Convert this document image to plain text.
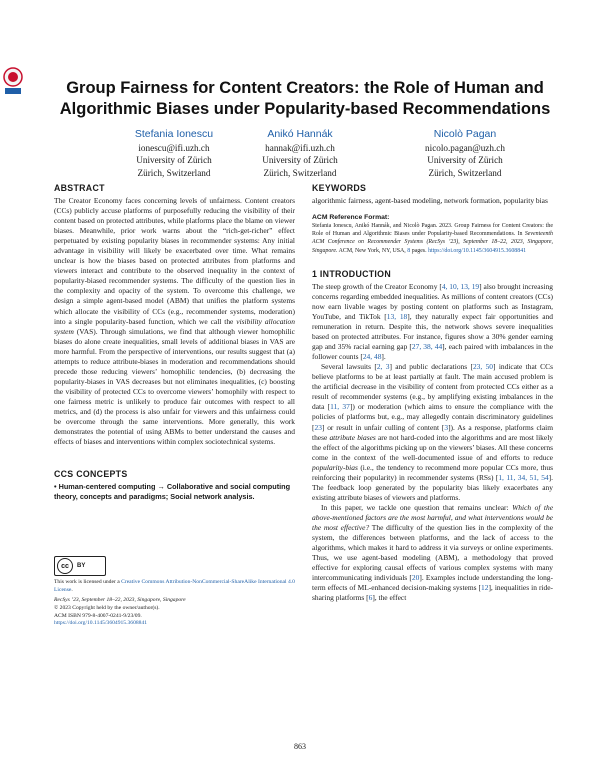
Group Fairness for Content Creators: the Role of Human and
Algorithmic Biases under Popularity-based Recommendations
Stefania Ionescu
ionescu@ifi.uzh.ch
University of Zürich
Zürich, Switzerland
Anikó Hannák
hannak@ifi.uzh.ch
University of Zürich
Zürich, Switzerland
Nicolò Pagan
nicolo.pagan@uzh.ch
University of Zürich
Zürich, Switzerland
ABSTRACT

The Creator Economy faces concerning levels of unfairness. Content creators (CCs) publicly accuse platforms of purposefully reducing the visibility of their content based on protected attributes, while platforms place the blame on viewer biases. Meanwhile, prior work warns about the “rich-get-richer” effect perpetuated by existing popularity biases in recommender systems: Any initial advantage in visibility will likely be exacerbated over time. What remains unclear is how the biases based on protected attributes from platforms and viewers interact and contribute to the observed inequality in the context of popularity-biased recommender systems. The difficulty of the question lies in the complexity and opacity of the system. To overcome this challenge, we design a simple agent-based model (ABM) that unifies the platform systems which allocate the visibility of CCs (e.g., recommender systems, moderation) into a single popularity-based function, which we call the visibility allocation system (VAS). Through simulations, we find that although viewer homophilic biases do alone create inequalities, small levels of additional biases in VAS are more harmful. From the perspective of interventions, our results suggest that (a) attempts to reduce attribute-biases in moderation and recommendations should precede those reducing viewers’ homophilic tendencies, (b) decreasing the popularity-biases in VAS decreases but not eliminates inequalities, (c) boosting the visibility of protected CCs to overcome viewers’ homophily with respect to one fairness metric is unlikely to produce fair outcomes with respect to all metrics, and (d) the process is also unfair for viewers and this unfairness could be overcome through the same interventions. More generally, this work demonstrates the potential of using ABMs to better understand the causes and effects of biases and interventions within complex sociotechnical systems.

CCS CONCEPTS
• Human-centered computing → Collaborative and social computing theory, concepts and paradigms; Social network analysis.
cc	BY
This work is licensed under a Creative Commons Attribution-NonCommercial-ShareAlike International 4.0 License.
RecSys ’23, September 18–22, 2023, Singapore, Singapore
© 2023 Copyright held by the owner/author(s).
ACM ISBN 979-8-4007-0241-9/23/09.
https://doi.org/10.1145/3604915.3608841
KEYWORDS

algorithmic fairness, agent-based modeling, network formation, popularity bias

ACM Reference Format:
Stefania Ionescu, Anikó Hannák, and Nicolò Pagan. 2023. Group Fairness for Content Creators: the Role of Human and Algorithmic Biases under Popularity-based Recommendations. In Seventeenth ACM Conference on Recommender Systems (RecSys ’23), September 18–22, 2023, Singapore, Singapore. ACM, New York, NY, USA, 8 pages. https://doi.org/10.1145/3604915.3608841
1 INTRODUCTION

The steep growth of the Creator Economy [4, 10, 13, 19] also brought increasing concerns regarding embedded inequalities. As millions of content creators (CCs) now earn livable wages by posting content on platforms such as Instagram, YouTube, and TikTok [13, 18], they naturally expect fair opportunities and remuneration in return. Despite this, the network shows severe inequalities based on protected attributes. For instance, figures show a 30% gender earning gap and 35% racial earning gap [27, 38, 44], each paired with imbalances in the follower counts [24, 48].

Several lawsuits [2, 3] and public declarations [23, 50] indicate that CCs believe platforms to be at least partially at fault. The main accused problem is the artificial decrease in the visibility of content from protected CCs either as a result of recommender systems (e.g., by amplifying existing imbalances in the data [11, 37]) or moderation (which aims to ensure the compliance with the policies of platforms but, e.g., may allegedly contain discriminatory guidelines [23] or result in unfair culling of content [3]). As a response, platforms claim these attribute biases are not hard-coded into the algorithms and are most likely the effect of the algorithms picking up on the viewers’ biases. All these concerns come in the context of the well-documented issue of and efforts to reduce popularity-bias (i.e., the tendency to recommend more popular CCs more, thus reinforcing their popularity) in recommender systems (RSs) [1, 11, 34, 51, 54]. The feedback loop generated by the popularity bias likely exacerbates any existing attribute biases of viewers and platforms.

In this paper, we tackle one question that remains unclear: Which of the above-mentioned factors are the most harmful, and what interventions would be the most effective? The difficulty of the question lies in the complexity of the system, the differences between platforms, and the lack of access to the algorithms, which makes it hard to address it via surveys or online experiments. Thus, we use agent-based modeling (ABM), a methodology that proved effective for exploring causal effects of various complex systems with many intercommunicating individuals [20]. Examples include understanding the long-term effects of ML-enhanced decision-making systems [12], inequalities in ride-sharing platforms [6], the effect

863
